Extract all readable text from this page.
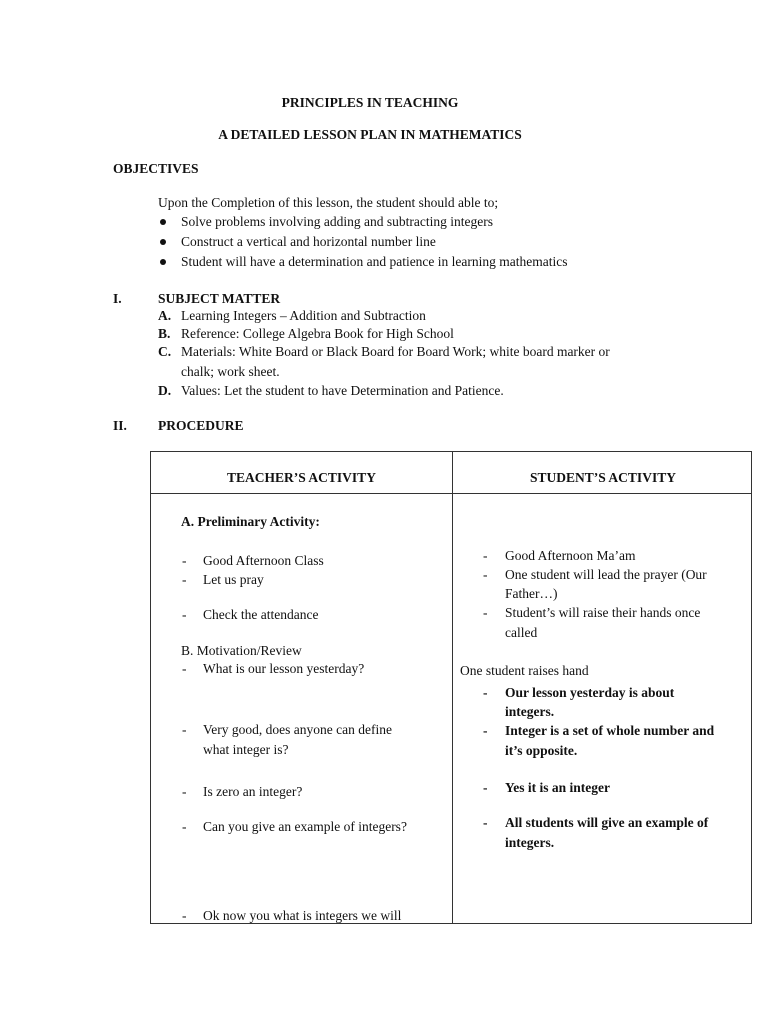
PRINCIPLES IN TEACHING
A DETAILED LESSON PLAN IN MATHEMATICS
OBJECTIVES
Upon the Completion of this lesson, the student should able to;
Solve problems involving adding and subtracting integers
Construct a vertical and horizontal number line
Student will have a determination and patience in learning mathematics
I.	SUBJECT MATTER
A. Learning Integers – Addition and Subtraction
B. Reference: College Algebra Book for High School
C. Materials: White Board or Black Board for Board Work; white board marker or
chalk; work sheet.
D. Values: Let the student to have Determination and Patience.
II. PROCEDURE
TEACHER’S ACTIVITY	STUDENT’S ACTIVITY
A. Preliminary Activity:
- Good Afternoon Class
- Let us pray
- Check the attendance
B. Motivation/Review
- What is our lesson yesterday?
- Very good, does anyone can define
what integer is?
- Is zero an integer?
- Can you give an example of integers?
- Ok now you what is integers we will
- Good Afternoon Ma’am
- One student will lead the prayer (Our
Father…)
- Student’s will raise their hands once
called
One student raises hand
- Our lesson yesterday is about
integers.
- Integer is a set of whole number and
it’s opposite.
- Yes it is an integer
- All students will give an example of
integers.
